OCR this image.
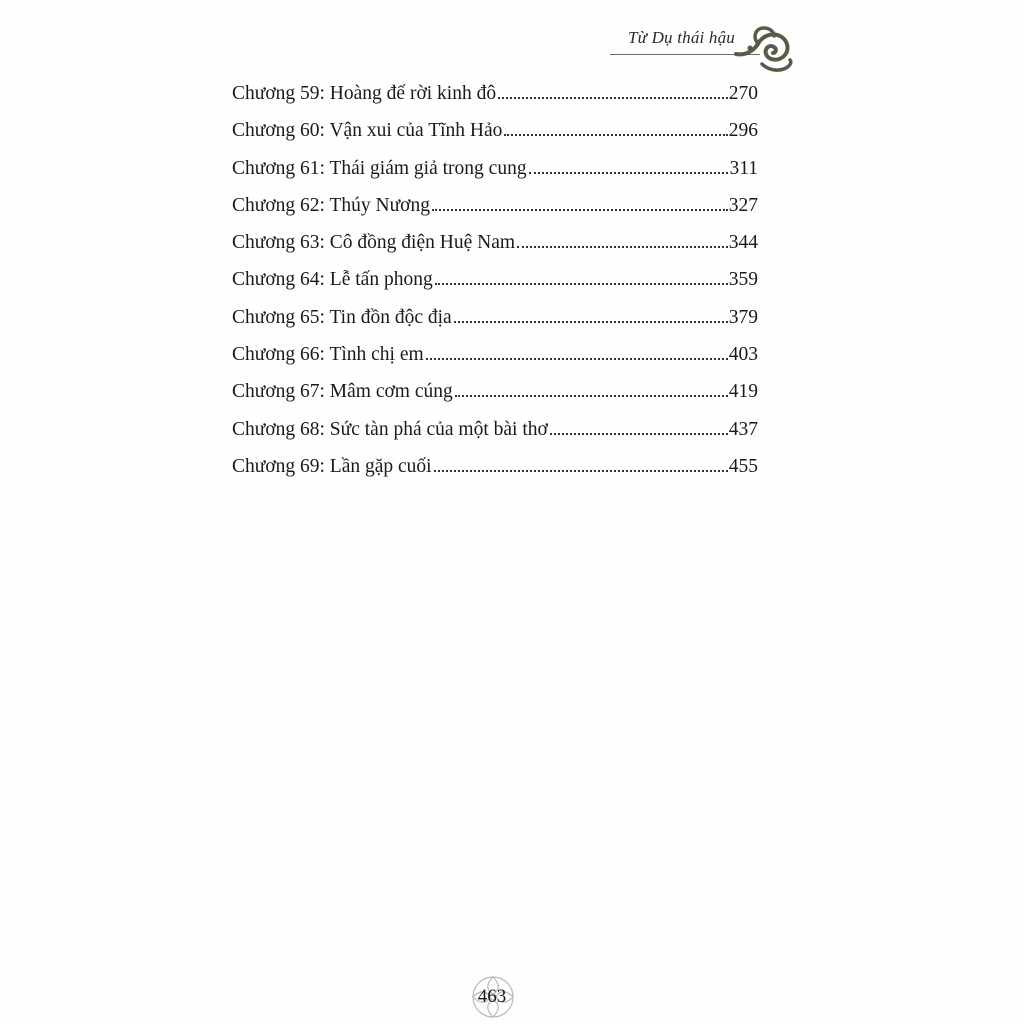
Từ Dụ thái hậu
Chương 59: Hoàng đế rời kinh đô	270
Chương 60: Vận xui của Tĩnh Hảo	296
Chương 61: Thái giám giả trong cung	311
Chương 62: Thúy Nương	327
Chương 63: Cô đồng điện Huệ Nam	344
Chương 64: Lễ tấn phong	359
Chương 65: Tin đồn độc địa	379
Chương 66: Tình chị em	403
Chương 67: Mâm cơm cúng	419
Chương 68: Sức tàn phá của một bài thơ	437
Chương 69: Lần gặp cuối	455
463
